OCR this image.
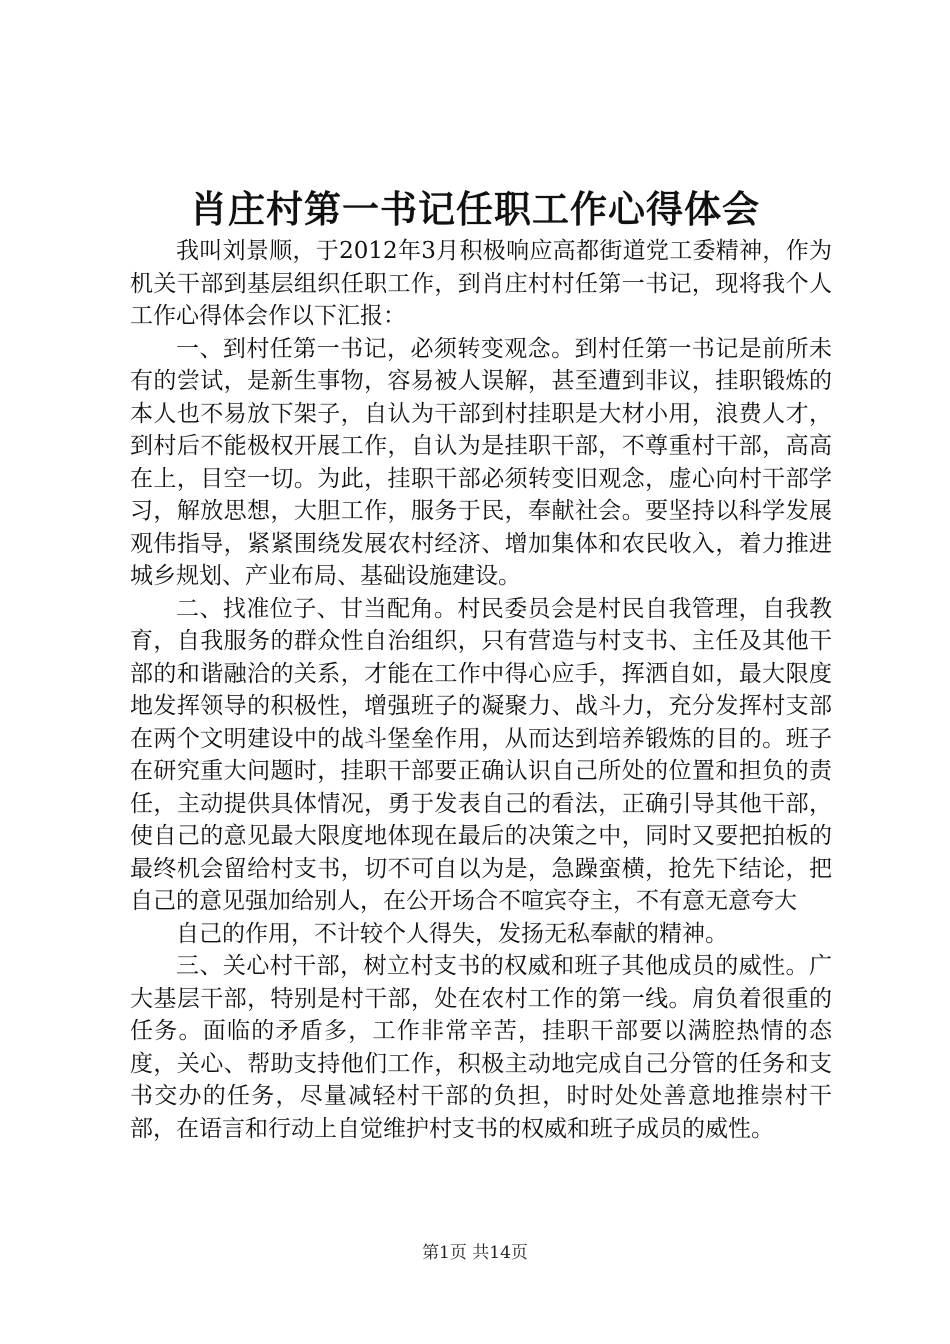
肖庄村第一书记任职工作心得体会

我叫刘景顺，于2012年3月积极响应高都街道党工委精神，作为机关干部到基层组织任职工作，到肖庄村村任第一书记，现将我个人工作心得体会作以下汇报：

一、到村任第一书记，必须转变观念。到村任第一书记是前所未有的尝试，是新生事物，容易被人误解，甚至遭到非议，挂职锻炼的本人也不易放下架子，自认为干部到村挂职是大材小用，浪费人才，到村后不能极权开展工作，自认为是挂职干部，不尊重村干部，高高在上，目空一切。为此，挂职干部必须转变旧观念，虚心向村干部学习，解放思想，大胆工作，服务于民，奉献社会。要坚持以科学发展观伟指导，紧紧围绕发展农村经济、增加集体和农民收入，着力推进城乡规划、产业布局、基础设施建设。

二、找准位子、甘当配角。村民委员会是村民自我管理，自我教育，自我服务的群众性自治组织，只有营造与村支书、主任及其他干部的和谐融洽的关系，才能在工作中得心应手，挥洒自如，最大限度地发挥领导的积极性，增强班子的凝聚力、战斗力，充分发挥村支部在两个文明建设中的战斗堡垒作用，从而达到培养锻炼的目的。班子在研究重大问题时，挂职干部要正确认识自己所处的位置和担负的责任，主动提供具体情况，勇于发表自己的看法，正确引导其他干部，使自己的意见最大限度地体现在最后的决策之中，同时又要把拍板的最终机会留给村支书，切不可自以为是，急躁蛮横，抢先下结论，把自己的意见强加给别人，在公开场合不喧宾夺主，不有意无意夸大

自己的作用，不计较个人得失，发扬无私奉献的精神。

三、关心村干部，树立村支书的权威和班子其他成员的威性。广大基层干部，特别是村干部，处在农村工作的第一线。肩负着很重的任务。面临的矛盾多，工作非常辛苦，挂职干部要以满腔热情的态度，关心、帮助支持他们工作，积极主动地完成自己分管的任务和支书交办的任务，尽量减轻村干部的负担，时时处处善意地推崇村干部，在语言和行动上自觉维护村支书的权威和班子成员的威性。

第1页 共14页
